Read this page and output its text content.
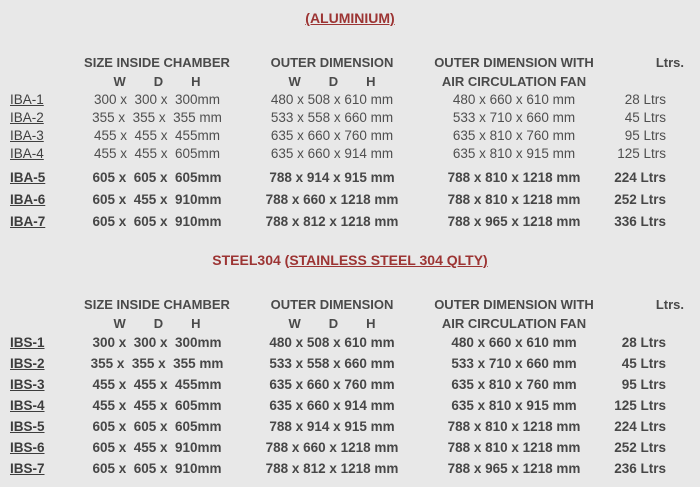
(ALUMINIUM)
SIZE INSIDE CHAMBER	OUTER DIMENSION	OUTER DIMENSION WITH	Ltrs.
W D H	W D H	AIR CIRCULATION FAN
IBA-1	300 x  300 x  300mm	480 x 508 x 610 mm	480 x 660 x 610 mm	28 Ltrs
IBA-2	355 x  355 x  355 mm	533 x 558 x 660 mm	533 x 710 x 660 mm	45 Ltrs
IBA-3	455 x  455 x  455mm	635 x 660 x 760 mm	635 x 810 x 760 mm	95 Ltrs
IBA-4	455 x  455 x  605mm	635 x 660 x 914 mm	635 x 810 x 915 mm	125 Ltrs
IBA-5	605 x  605 x  605mm	788 x 914 x 915 mm	788 x 810 x 1218 mm	224 Ltrs
IBA-6	605 x  455 x  910mm	788 x 660 x 1218 mm	788 x 810 x 1218 mm	252 Ltrs
IBA-7	605 x  605 x  910mm	788 x 812 x 1218 mm	788 x 965 x 1218 mm	336 Ltrs
STEEL304 (STAINLESS STEEL 304 QLTY)
SIZE INSIDE CHAMBER	OUTER DIMENSION	OUTER DIMENSION WITH	Ltrs.
W D H	W D H	AIR CIRCULATION FAN
IBS-1	300 x  300 x  300mm	480 x 508 x 610 mm	480 x 660 x 610 mm	28 Ltrs
IBS-2	355 x  355 x  355 mm	533 x 558 x 660 mm	533 x 710 x 660 mm	45 Ltrs
IBS-3	455 x  455 x  455mm	635 x 660 x 760 mm	635 x 810 x 760 mm	95 Ltrs
IBS-4	455 x  455 x  605mm	635 x 660 x 914 mm	635 x 810 x 915 mm	125 Ltrs
IBS-5	605 x  605 x  605mm	788 x 914 x 915 mm	788 x 810 x 1218 mm	224 Ltrs
IBS-6	605 x  455 x  910mm	788 x 660 x 1218 mm	788 x 810 x 1218 mm	252 Ltrs
IBS-7	605 x  605 x  910mm	788 x 812 x 1218 mm	788 x 965 x 1218 mm	236 Ltrs
